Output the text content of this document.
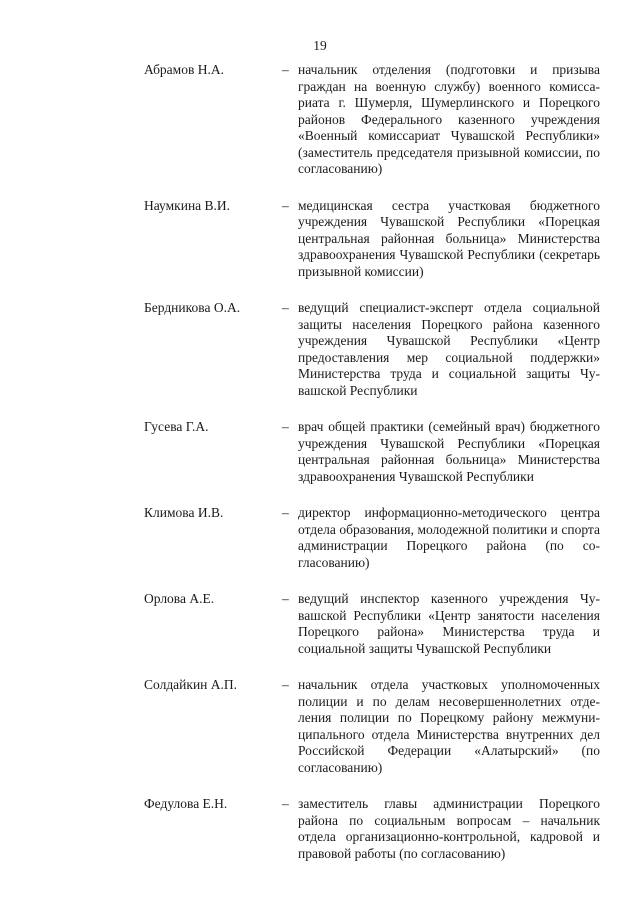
19
Абрамов Н.А.	– начальник отделения (подготовки и призыва граждан на военную службу) военного комиссариата г. Шумерля, Шумерлинского и Порецкого районов Федерального казенного учреждения «Военный комиссариат Чувашской Республики» (заместитель председателя призывной комиссии, по согласованию)
Наумкина В.И.	– медицинская сестра участковая бюджетного учреждения Чувашской Республики «Порецкая центральная районная больница» Министерства здравоохранения Чувашской Республики (секретарь призывной комиссии)
Бердникова О.А.	– ведущий специалист-эксперт отдела социальной защиты населения Порецкого района казенного учреждения Чувашской Республики «Центр предоставления мер социальной поддержки» Министерства труда и социальной защиты Чувашской Республики
Гусева Г.А.	– врач общей практики (семейный врач) бюджетного учреждения Чувашской Республики «Порецкая центральная районная больница» Министерства здравоохранения Чувашской Республики
Климова И.В.	– директор информационно-методического центра отдела образования, молодежной политики и спорта администрации Порецкого района (по согласованию)
Орлова А.Е.	– ведущий инспектор казенного учреждения Чувашской Республики «Центр занятости населения Порецкого района» Министерства труда и социальной защиты Чувашской Республики
Солдайкин А.П.	– начальник отдела участковых уполномоченных полиции и по делам несовершеннолетних отделения полиции по Порецкому району межмуниципального отдела Министерства внутренних дел Российской Федерации «Алатырский» (по согласованию)
Федулова Е.Н.	– заместитель главы администрации Порецкого района по социальным вопросам – начальник отдела организационно-контрольной, кадровой и правовой работы (по согласованию)
